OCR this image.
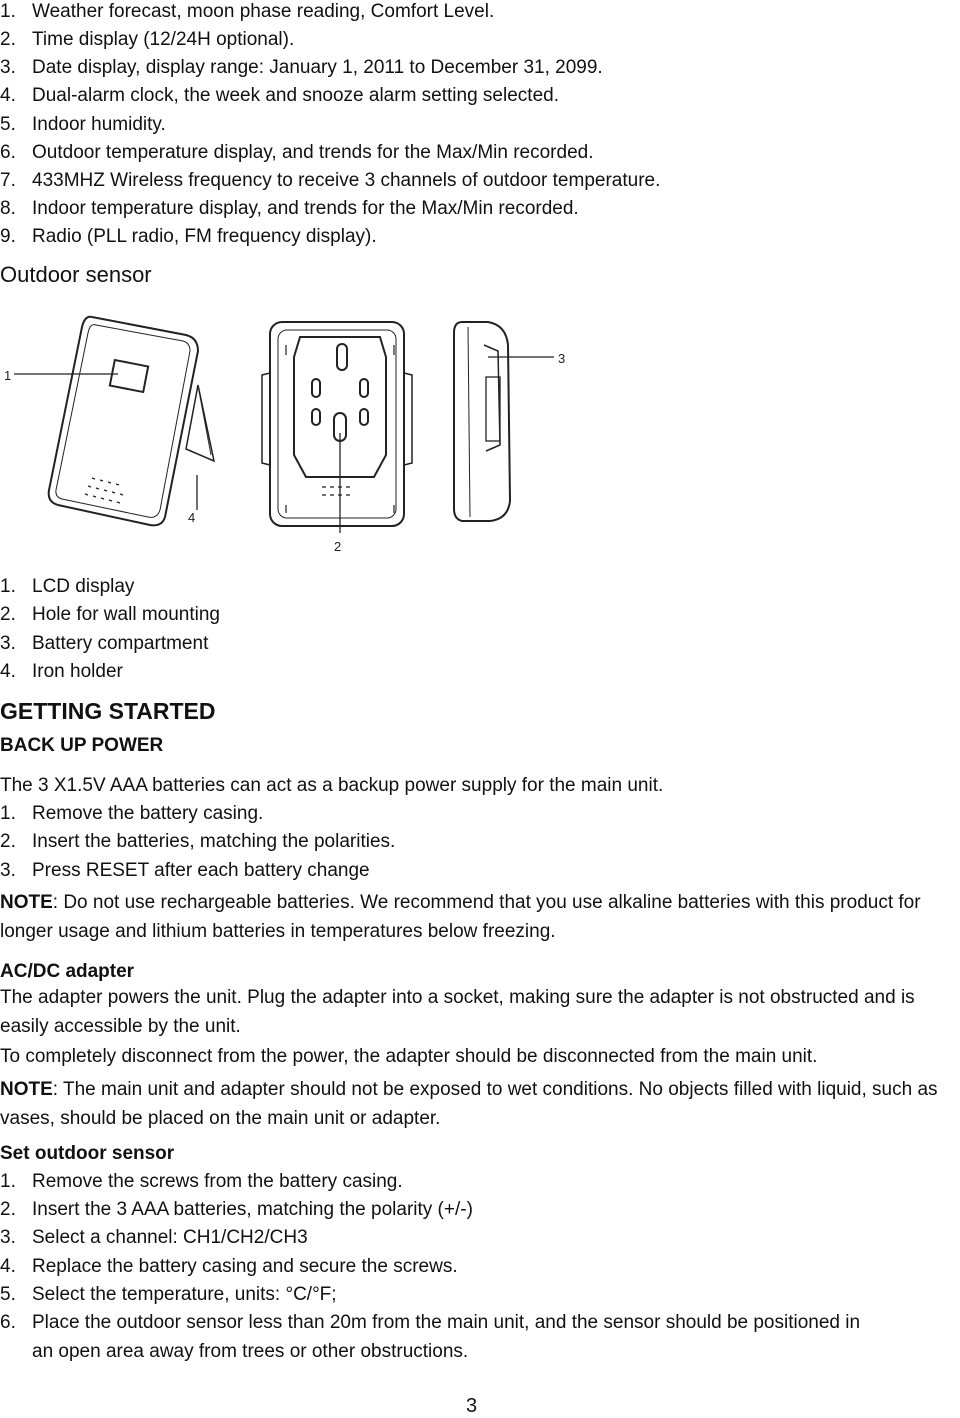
1. Weather forecast, moon phase reading, Comfort Level.
2. Time display (12/24H optional).
3. Date display, display range: January 1, 2011 to December 31, 2099.
4. Dual-alarm clock, the week and snooze alarm setting selected.
5. Indoor humidity.
6. Outdoor temperature display, and trends for the Max/Min recorded.
7. 433MHZ Wireless frequency to receive 3 channels of outdoor temperature.
8. Indoor temperature display, and trends for the Max/Min recorded.
9. Radio (PLL radio, FM frequency display).
Outdoor sensor
1
4
2
3
1. LCD display
2. Hole for wall mounting
3. Battery compartment
4. Iron holder
GETTING STARTED
BACK UP POWER
The 3 X1.5V AAA batteries can act as a backup power supply for the main unit.
1. Remove the battery casing.
2. Insert the batteries, matching the polarities.
3. Press RESET after each battery change
NOTE: Do not use rechargeable batteries. We recommend that you use alkaline batteries with this product for longer usage and lithium batteries in temperatures below freezing.
AC/DC adapter
The adapter powers the unit. Plug the adapter into a socket, making sure the adapter is not obstructed and is easily accessible by the unit.
To completely disconnect from the power, the adapter should be disconnected from the main unit.
NOTE: The main unit and adapter should not be exposed to wet conditions. No objects filled with liquid, such as vases, should be placed on the main unit or adapter.
Set outdoor sensor
1. Remove the screws from the battery casing.
2. Insert the 3 AAA batteries, matching the polarity (+/-)
3. Select a channel: CH1/CH2/CH3
4. Replace the battery casing and secure the screws.
5. Select the temperature, units: °C/°F;
6. Place the outdoor sensor less than 20m from the main unit, and the sensor should be positioned in
an open area away from trees or other obstructions.
3
